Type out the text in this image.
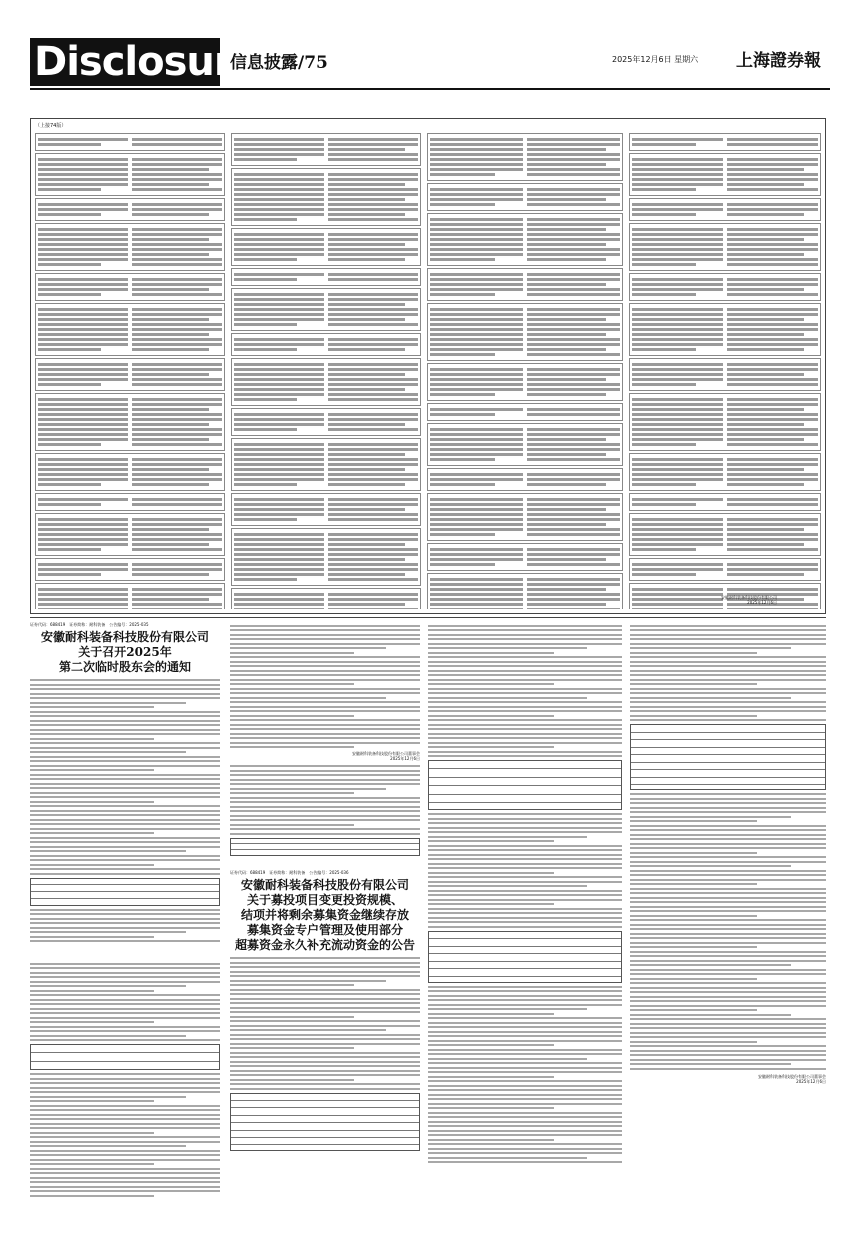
Disclosure
信息披露/75	2025年12月6日 星期六 上海證券報
（上接74版）
安徽耐科装备科技股份有限公司
2025年12月6日
证券代码：688419　证券简称：耐科装备　公告编号：2025-035
安徽耐科装备科技股份有限公司
关于召开2025年
第二次临时股东会的通知
安徽耐科装备科技股份有限公司董事会
2025年12月6日
证券代码：688419　证券简称：耐科装备　公告编号：2025-036
安徽耐科装备科技股份有限公司
关于募投项目变更投资规模、
结项并将剩余募集资金继续存放
募集资金专户管理及使用部分
超募资金永久补充流动资金的公告
安徽耐科装备科技股份有限公司董事会
2025年12月6日
